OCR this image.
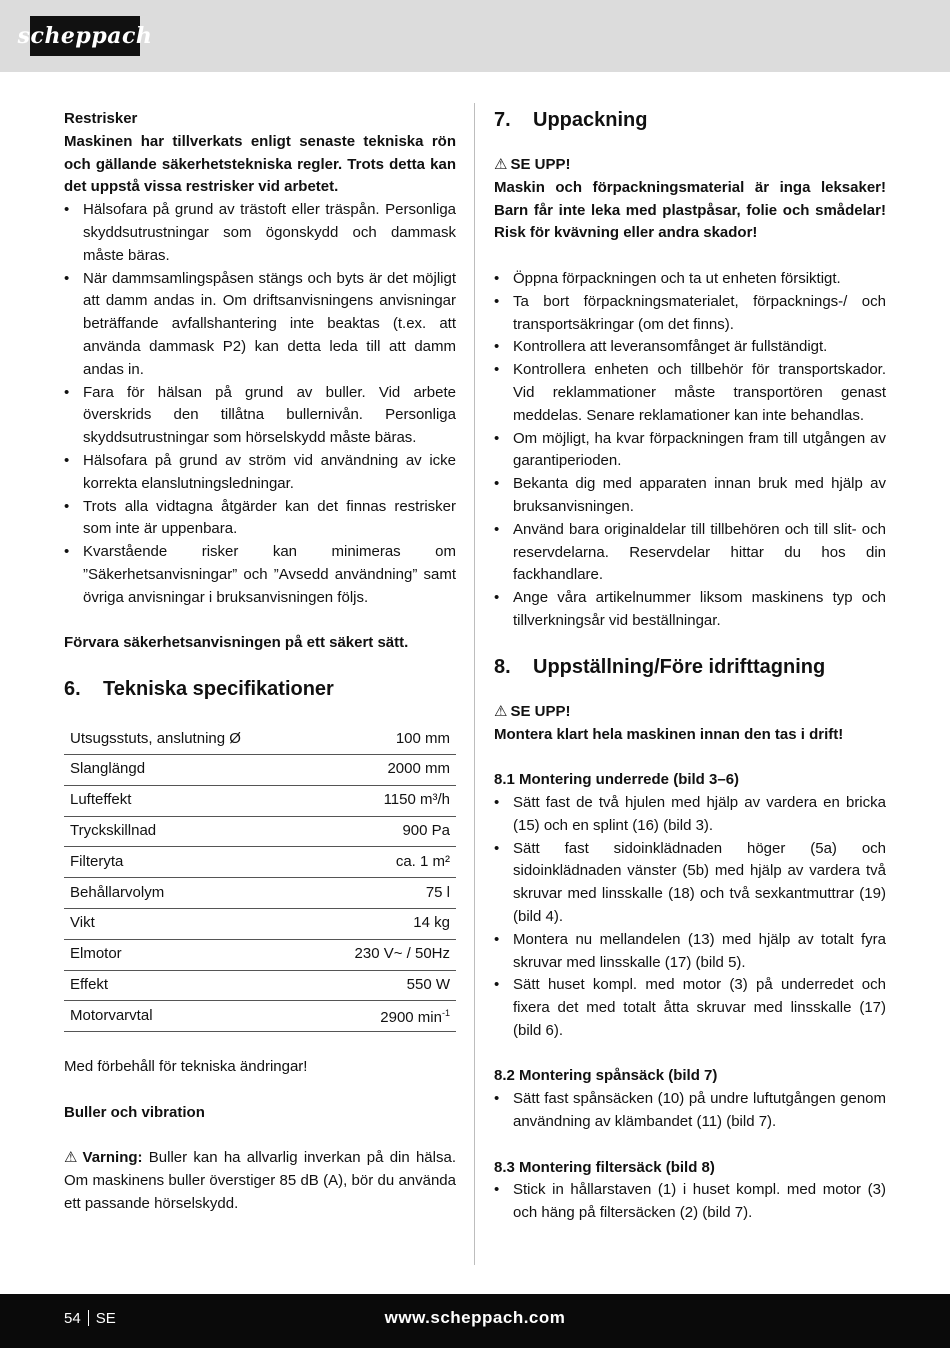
scheppach

Restrisker

Maskinen har tillverkats enligt senaste tekniska rön och gällande säkerhetstekniska regler. Trots detta kan det uppstå vissa restrisker vid arbetet.

• Hälsofara på grund av trästoft eller träspån. Personliga skyddsutrustningar som ögonskydd och dammask måste bäras.
• När dammsamlingspåsen stängs och byts är det möjligt att damm andas in. Om driftsanvisningens anvisningar beträffande avfallshantering inte beaktas (t.ex. att använda dammask P2) kan detta leda till att damm andas in.
• Fara för hälsan på grund av buller. Vid arbete överskrids den tillåtna bullernivån. Personliga skyddsutrustningar som hörselskydd måste bäras.
• Hälsofara på grund av ström vid användning av icke korrekta elanslutningsledningar.
• Trots alla vidtagna åtgärder kan det finnas restrisker som inte är uppenbara.
• Kvarstående risker kan minimeras om ”Säkerhetsanvisningar” och ”Avsedd användning” samt övriga anvisningar i bruksanvisningen följs.

Förvara säkerhetsanvisningen på ett säkert sätt.

6.	Tekniska specifikationer
Utsugsstuts, anslutning Ø	100 mm
Slanglängd	2000 mm
Lufteffekt	1150 m³/h
Tryckskillnad	900 Pa
Filteryta	ca. 1 m²
Behållarvolym	75 l
Vikt	14 kg
Elmotor	230 V~ / 50Hz
Effekt	550 W
Motorvarvtal	2900 $\min^{-1}$

Med förbehåll för tekniska ändringar!

Buller och vibration

⚠ Varning: Buller kan ha allvarlig inverkan på din hälsa. Om maskinens buller överstiger 85 dB (A), bör du använda ett passande hörselskydd.

7.	Uppackning

⚠ SE UPP!

Maskin och förpackningsmaterial är inga leksaker! Barn får inte leka med plastpåsar, folie och smådelar! Risk för kvävning eller andra skador!

• Öppna förpackningen och ta ut enheten försiktigt.
• Ta bort förpackningsmaterialet, förpacknings-/ och transportsäkringar (om det finns).
• Kontrollera att leveransomfånget är fullständigt.
• Kontrollera enheten och tillbehör för transportskador. Vid reklammationer måste transportören genast meddelas. Senare reklamationer kan inte behandlas.
• Om möjligt, ha kvar förpackningen fram till utgången av garantiperioden.
• Bekanta dig med apparaten innan bruk med hjälp av bruksanvisningen.
• Använd bara originaldelar till tillbehören och till slit- och reservdelarna. Reservdelar hittar du hos din fackhandlare.
• Ange våra artikelnummer liksom maskinens typ och tillverkningsår vid beställningar.
8.	Uppställning/Före idrifttagning

⚠ SE UPP!

Montera klart hela maskinen innan den tas i drift!

8.1 Montering underrede (bild 3–6)

• Sätt fast de två hjulen med hjälp av vardera en bricka (15) och en splint (16) (bild 3).
• Sätt fast sidoinklädnaden höger (5a) och sidoinklädnaden vänster (5b) med hjälp av vardera två skruvar med linsskalle (18) och två sexkantmuttrar (19) (bild 4).
• Montera nu mellandelen (13) med hjälp av totalt fyra skruvar med linsskalle (17) (bild 5).
• Sätt huset kompl. med motor (3) på underredet och fixera det med totalt åtta skruvar med linsskalle (17) (bild 6).

8.2 Montering spånsäck (bild 7)

• Sätt fast spånsäcken (10) på undre luftutgången genom användning av klämbandet (11) (bild 7).

8.3 Montering filtersäck (bild 8)

• Stick in hållarstaven (1) i huset kompl. med motor (3) och häng på filtersäcken (2) (bild 7).
54 SE	www.scheppach.com
